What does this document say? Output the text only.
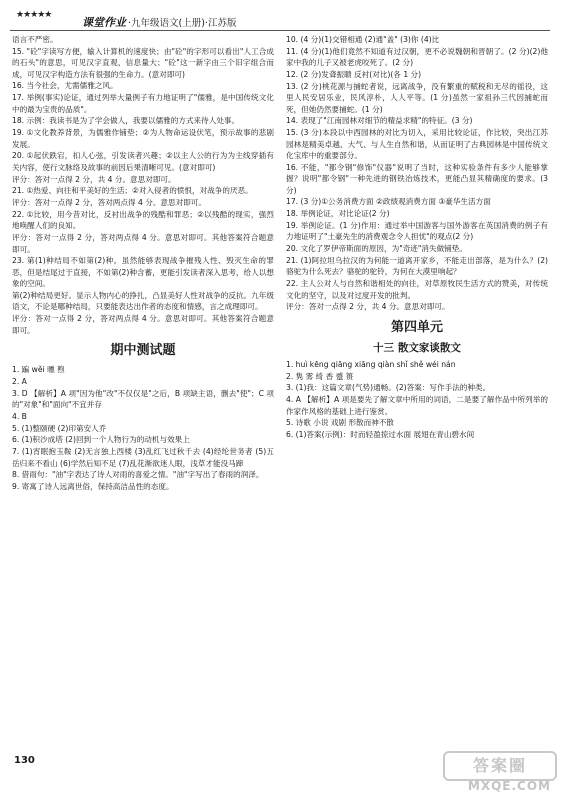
★★★★★
课堂作业 ·九年级语文(上册)·江苏版

语言不严密。

15. "砼"字读写方便，输入计算机的速度快；由"砼"的字形可以看出"人工合成的石头"的意思，可见汉字直观，信息量大；"砼"这一新字由三个旧字组合而成，可见汉字构造方法有很强的生命力。(意对即可)

16. 当今社会，尤需儒雅之风。

17. 举例(事实)论证，通过列举大量例子有力地证明了"儒雅，是中国传统文化中的最为宝贵的品质"。

18. 示例：我读书是为了学会做人，我要以儒雅的方式来待人处事。

19. ①文化教养背景，为儒雅作铺垫；②为人物命运设伏笔，预示故事的悲剧发展。

20. ①起伏跌宕，扣人心弦，引发读者兴趣；②以主人公的行为为主线穿插有关内容，使行文脉络及故事的前因后果清晰可见。(意对即可)

评分：答对一点得 2 分，共 4 分。意思对即可。

21. ①热爱、向往和平美好的生活；②对入侵者的愤恨，对战争的厌恶。

评分：答对一点得 2 分，答对两点得 4 分。意思对即可。

22. ①比较，用今昔对比，反衬出战争的残酷和罪恶；②以残酷的现实，强烈地唤醒人们的良知。

评分：答对一点得 2 分，答对两点得 4 分。意思对即可。其他答案符合题意即可。

23. 第(1)种结局不如第(2)种。虽然能够表现战争摧残人性、毁灭生命的罪恶，但是结尾过于直接，不如第(2)种含蓄，更能引发读者深入思考，给人以想象的空间。

第(2)种结局更好。显示人物内心的挣扎，凸显美好人性对战争的反抗。九年级语文，不论是哪种结局，只要能表达出作者的态度和情感，言之成理即可。

评分：答对一点得 2 分，答对两点得 4 分。意思对即可。其他答案符合题意即可。

期中测试题

1. 蹁 wěi 曛 煦

2. A

3. D 【解析】A 项"因为他"改"不仅仅是"之后，B 项缺主语，删去"使"；C 项的"对象"和"面向"不宜并存

4. B

5. (1)整颐硬 (2)印第安人乔

6. (1)积沙成塔 (2)回到一个人物行为的动机与效果上

7. (1)宵眠抱玉鞍 (2)无言独上西楼 (3)乱红飞过秋千去 (4)经纶世务者 (5)五岳归来不看山 (6)学然后知不足 (7)乱花渐欲迷人眼，浅草才能没马蹄

8. 借雨句："油"字表达了诗人对雨的喜爱之情。"油"字写出了春雨的润泽。

9. 寄寓了诗人远离世俗，保持高洁品性的态度。

10. (4 分)(1)交错相通 (2)通"盖" (3)你 (4)比

11. (4 分)(1)他们竟然不知道有过汉朝，更不必说魏朝和晋朝了。(2 分)(2)他家中我的儿子又被老虎咬死了。(2 分)

12. (2 分)发聋振聩 反衬(对比)(各 1 分)

13. (2 分)桃花源与捕蛇者说，远离战争，没有繁重的赋税和无尽的徭役，这里人民安居乐业，民风淳朴，人人平等。(1 分)虽然一家祖孙三代因捕蛇而死，但她仍然要捕蛇。(1 分)

14. 表现了"江南园林对细节的精益求精"的特征。(3 分)

15. (3 分)本段以中西园林的对比为切入，采用比较论证，作比较，突出江苏园林是精美卓越、大气、与人生自然和谐，从而证明了古典园林是中国传统文化宝库中的重要部分。

16. 不能，"都令钢"修饰"仪器"说明了当时，这种实验条件有多少人能够掌握？说明"都令钢"一种先进的钢铁冶炼技术，更能凸显其精确度的要求。(3 分)

17. (3 分)①公务消费方面 ②政绩观消费方面 ③豪华生活方面

18. 举例论证，对比论证(2 分)

19. 举例论证。(1 分)作用：通过举中国游客与国外游客在英国消费的例子有力地证明了"土豪先生的消费观念令人担忧"的观点(2 分)

20. 文化了罗伊帝斯面的原因，为"奇迹"消失做铺垫。

21. (1)阿拉坦乌拉汉的为何能一道离开家乡，不能走出部落，是为什么？(2)骆驼为什么死去？骆驼的驼铃，为何在大漠里响起？

22. 主人公对人与自然和谐相处的向往，对草原牧民生活方式的赞美，对传统文化的坚守，以及对过度开发的批判。

评分：答对一点得 2 分，共 4 分。意思对即可。

第四单元
十三 散文家谈散文

1. huì kēng qiāng xiāng qiàn shǐ shě wéi nán

2. 隽 雾 绮 香 蹙 篑

3. (1)我：这篇文章(气势)通畅。(2)答案：写作手法的种类。

4. A 【解析】A 项是要先了解文章中所用的词语，二是要了解作品中所列举的作家作风格的基础上进行鉴赏。

5. 诗歌 小说 戏剧 形散而神不散

6. (1)答案(示例)：时而轻盈掠过水面 展翅在青山碧水间

130	答案圈
MXQE.COM
